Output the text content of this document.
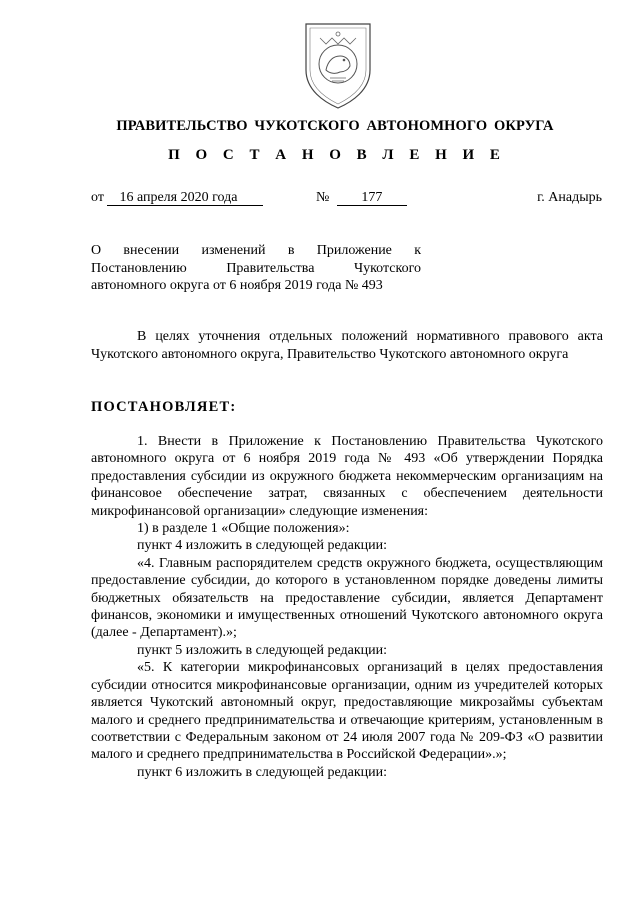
ПРАВИТЕЛЬСТВО ЧУКОТСКОГО АВТОНОМНОГО ОКРУГА
П О С Т А Н О В Л Е Н И Е
от 16 апреля 2020 года	№ 177	г. Анадырь
О внесении изменений в Приложение к Постановлению Правительства Чукотского автономного округа от 6 ноября 2019 года № 493
В целях уточнения отдельных положений нормативного правового акта Чукотского автономного округа, Правительство Чукотского автономного округа
ПОСТАНОВЛЯЕТ:

1. Внести в Приложение к Постановлению Правительства Чукотского автономного округа от 6 ноября 2019 года № 493 «Об утверждении Порядка предоставления субсидии из окружного бюджета некоммерческим организациям на финансовое обеспечение затрат, связанных с обеспечением деятельности микрофинансовой организации» следующие изменения:

1) в разделе 1 «Общие положения»:

пункт 4 изложить в следующей редакции:

«4. Главным распорядителем средств окружного бюджета, осуществляющим предоставление субсидии, до которого в установленном порядке доведены лимиты бюджетных обязательств на предоставление субсидии, является Департамент финансов, экономики и имущественных отношений Чукотского автономного округа (далее - Департамент).»;

пункт 5 изложить в следующей редакции:

«5. К категории микрофинансовых организаций в целях предоставления субсидии относится микрофинансовые организации, одним из учредителей которых является Чукотский автономный округ, предоставляющие микрозаймы субъектам малого и среднего предпринимательства и отвечающие критериям, установленным в соответствии с Федеральным законом от 24 июля 2007 года № 209-ФЗ «О развитии малого и среднего предпринимательства в Российской Федерации».»;

пункт 6 изложить в следующей редакции:
